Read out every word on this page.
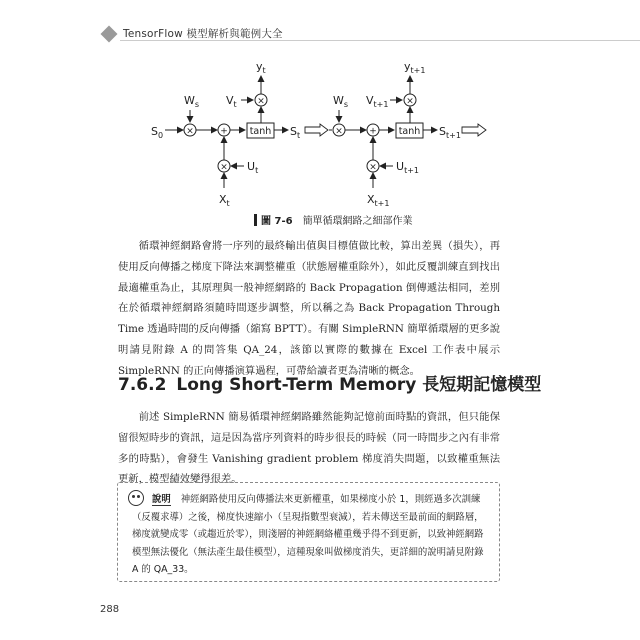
TensorFlow 模型解析與範例大全
$S_0$	×
$W_s$
+ $\tanh S_t$
×
$V_t$
$y_t$
$X_t$
× $U_t$
×
$W_s$
+ $\tanh S_{t+1}$
×
$V_{t+1}$
$y_{t+1}$
$X_{t+1}$
× $U_{t+1}$
圖 7-6 簡單循環網路之細部作業

循環神經網路會將一序列的最終輸出值與目標值做比較，算出差異（損失），再使用反向傳播之梯度下降法來調整權重（狀態層權重除外），如此反覆訓練直到找出最適權重為止，其原理與一般神經網路的 Back Propagation 倒傳遞法相同，差別在於循環神經網路須隨時間逐步調整，所以稱之為 Back Propagation Through Time 透過時間的反向傳播（縮寫 BPTT）。有關 SimpleRNN 簡單循環層的更多說明請見附錄 A 的問答集 QA_24，該節以實際的數據在 Excel 工作表中展示 SimpleRNN 的正向傳播演算過程，可帶給讀者更為清晰的概念。

7.6.2 Long Short-Term Memory 長短期記憶模型

前述 SimpleRNN 簡易循環神經網路雖然能夠記憶前面時點的資訊，但只能保留很短時步的資訊，這是因為當序列資料的時步很長的時候（同一時間步之內有非常多的時點），會發生 Vanishing gradient problem 梯度消失問題，以致權重無法更新，模型績效變得很差。

說明 神經網路使用反向傳播法來更新權重，如果梯度小於 1，則經過多次訓練（反覆求導）之後，梯度快速縮小（呈現指數型衰減），若未傳送至最前面的網路層，梯度就變成零（或趨近於零），則淺層的神經網絡權重幾乎得不到更新，以致神經網路模型無法優化（無法產生最佳模型），這種現象叫做梯度消失，更詳細的說明請見附錄 A 的 QA_33。

288
